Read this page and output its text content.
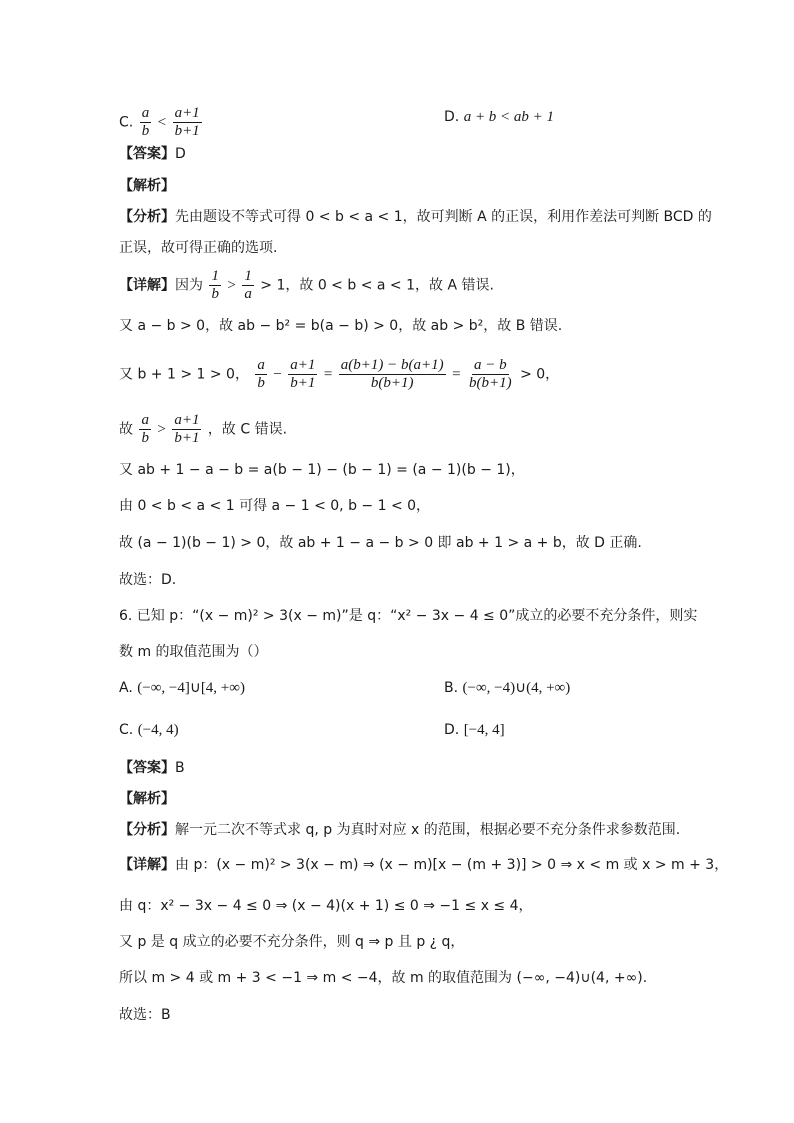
C. $\frac{a}{b} < \frac{a+1}{b+1}$	D. a + b < ab + 1
【答案】D
【解析】
【分析】先由题设不等式可得 0 < b < a < 1，故可判断 A 的正误，利用作差法可判断 BCD 的
正误，故可得正确的选项.
【详解】因为 $\frac{1}{b} > \frac{1}{a} > 1$，故 0 < b < a < 1，故 A 错误.
又 a − b > 0，故 ab − b² = b(a − b) > 0，故 ab > b²，故 B 错误.
又 b + 1 > 1 > 0， $\frac{a}{b} - \frac{a+1}{b+1} = \frac{a(b+1) - b(a+1)}{b(b+1)} = \frac{a - b}{b(b+1)} > 0$，
故 $\frac{a}{b} > \frac{a+1}{b+1}$ ，故 C 错误.
又 ab + 1 − a − b = a(b − 1) − (b − 1) = (a − 1)(b − 1)，
由 0 < b < a < 1 可得 a − 1 < 0, b − 1 < 0，
故 (a − 1)(b − 1) > 0，故 ab + 1 − a − b > 0 即 ab + 1 > a + b，故 D 正确.
故选：D.
6. 已知 p：“(x − m)² > 3(x − m)”是 q：“x² − 3x − 4 ≤ 0”成立的必要不充分条件，则实
数 m 的取值范围为（）
A. (−∞, −4]∪[4, +∞)	B. (−∞, −4)∪(4, +∞)
C. (−4, 4)	D. [−4, 4]
【答案】B
【解析】
【分析】解一元二次不等式求 q, p 为真时对应 x 的范围，根据必要不充分条件求参数范围.
【详解】由 p：(x − m)² > 3(x − m) ⇒ (x − m)[x − (m + 3)] > 0 ⇒ x < m 或 x > m + 3，
由 q：x² − 3x − 4 ≤ 0 ⇒ (x − 4)(x + 1) ≤ 0 ⇒ −1 ≤ x ≤ 4，
又 p 是 q 成立的必要不充分条件，则 q ⇒ p 且 p ¿ q，
所以 m > 4 或 m + 3 < −1 ⇒ m < −4，故 m 的取值范围为 (−∞, −4)∪(4, +∞).
故选：B
